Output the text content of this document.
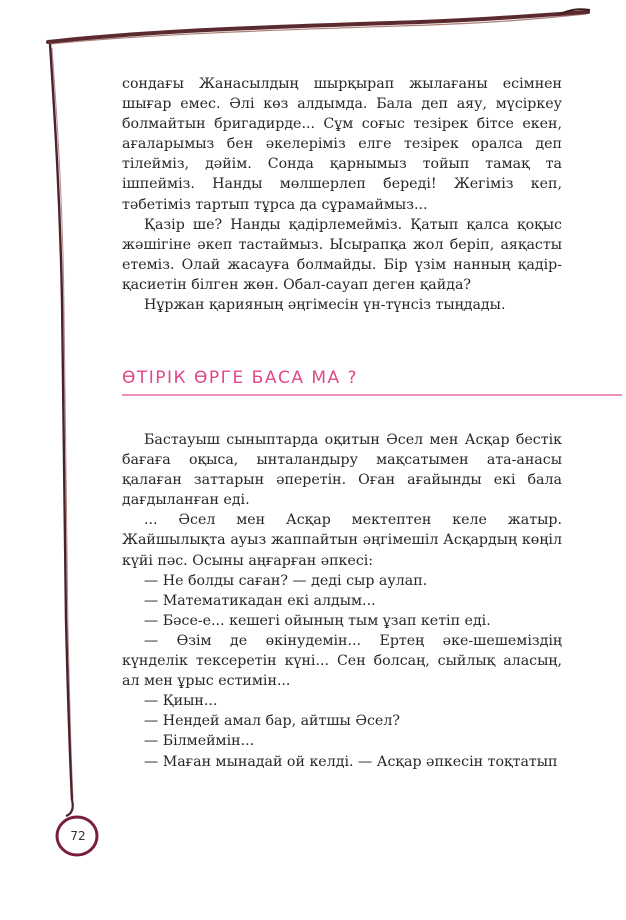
сондағы Жанасылдың шырқырап жылағаны есімнен шығар емес. Әлі көз алдымда. Бала деп аяу, мүсіркеу болмайтын бригадирде... Сұм соғыс тезірек бітсе екен, ағаларымыз бен әкелеріміз елге тезірек оралса деп тілейміз, дәйім. Сонда қарнымыз тойып тамақ та ішпейміз. Нанды мөлшерлеп береді! Жегіміз кеп, тәбетіміз тартып тұрса да сұрамаймыз...

Қазір ше? Нанды қадірлемейміз. Қатып қалса қоқыс жәшігіне әкеп тастаймыз. Ысырапқа жол беріп, аяқасты етеміз. Олай жасауға болмайды. Бір үзім нанның қадір-қасиетін білген жөн. Обал-сауап деген қайда?

Нұржан қарияның әңгімесін үн-түнсіз тыңдады.

ӨТІРІК ӨРГЕ БАСА МА ?

Бастауыш сыныптарда оқитын Әсел мен Асқар бестік бағаға оқыса, ынталандыру мақсатымен ата-анасы қалаған заттарын әперетін. Оған ағайынды екі бала дағдыланған еді.

... Әсел мен Асқар мектептен келе жатыр. Жайшылықта ауыз жаппайтын әңгімешіл Асқардың көңіл күйі пәс. Осыны аңғарған әпкесі:

— Не болды саған? — деді сыр аулап.

— Математикадан екі алдым...

— Бәсе-е... кешегі ойының тым ұзап кетіп еді.

— Өзім де өкінудемін... Ертең әке-шешеміздің күнделік тексеретін күні... Сен болсаң, сыйлық аласың, ал мен ұрыс естимін...

— Қиын...

— Нендей амал бар, айтшы Әсел?

— Білмеймін...

— Маған мынадай ой келді. — Асқар әпкесін тоқтатып

72
